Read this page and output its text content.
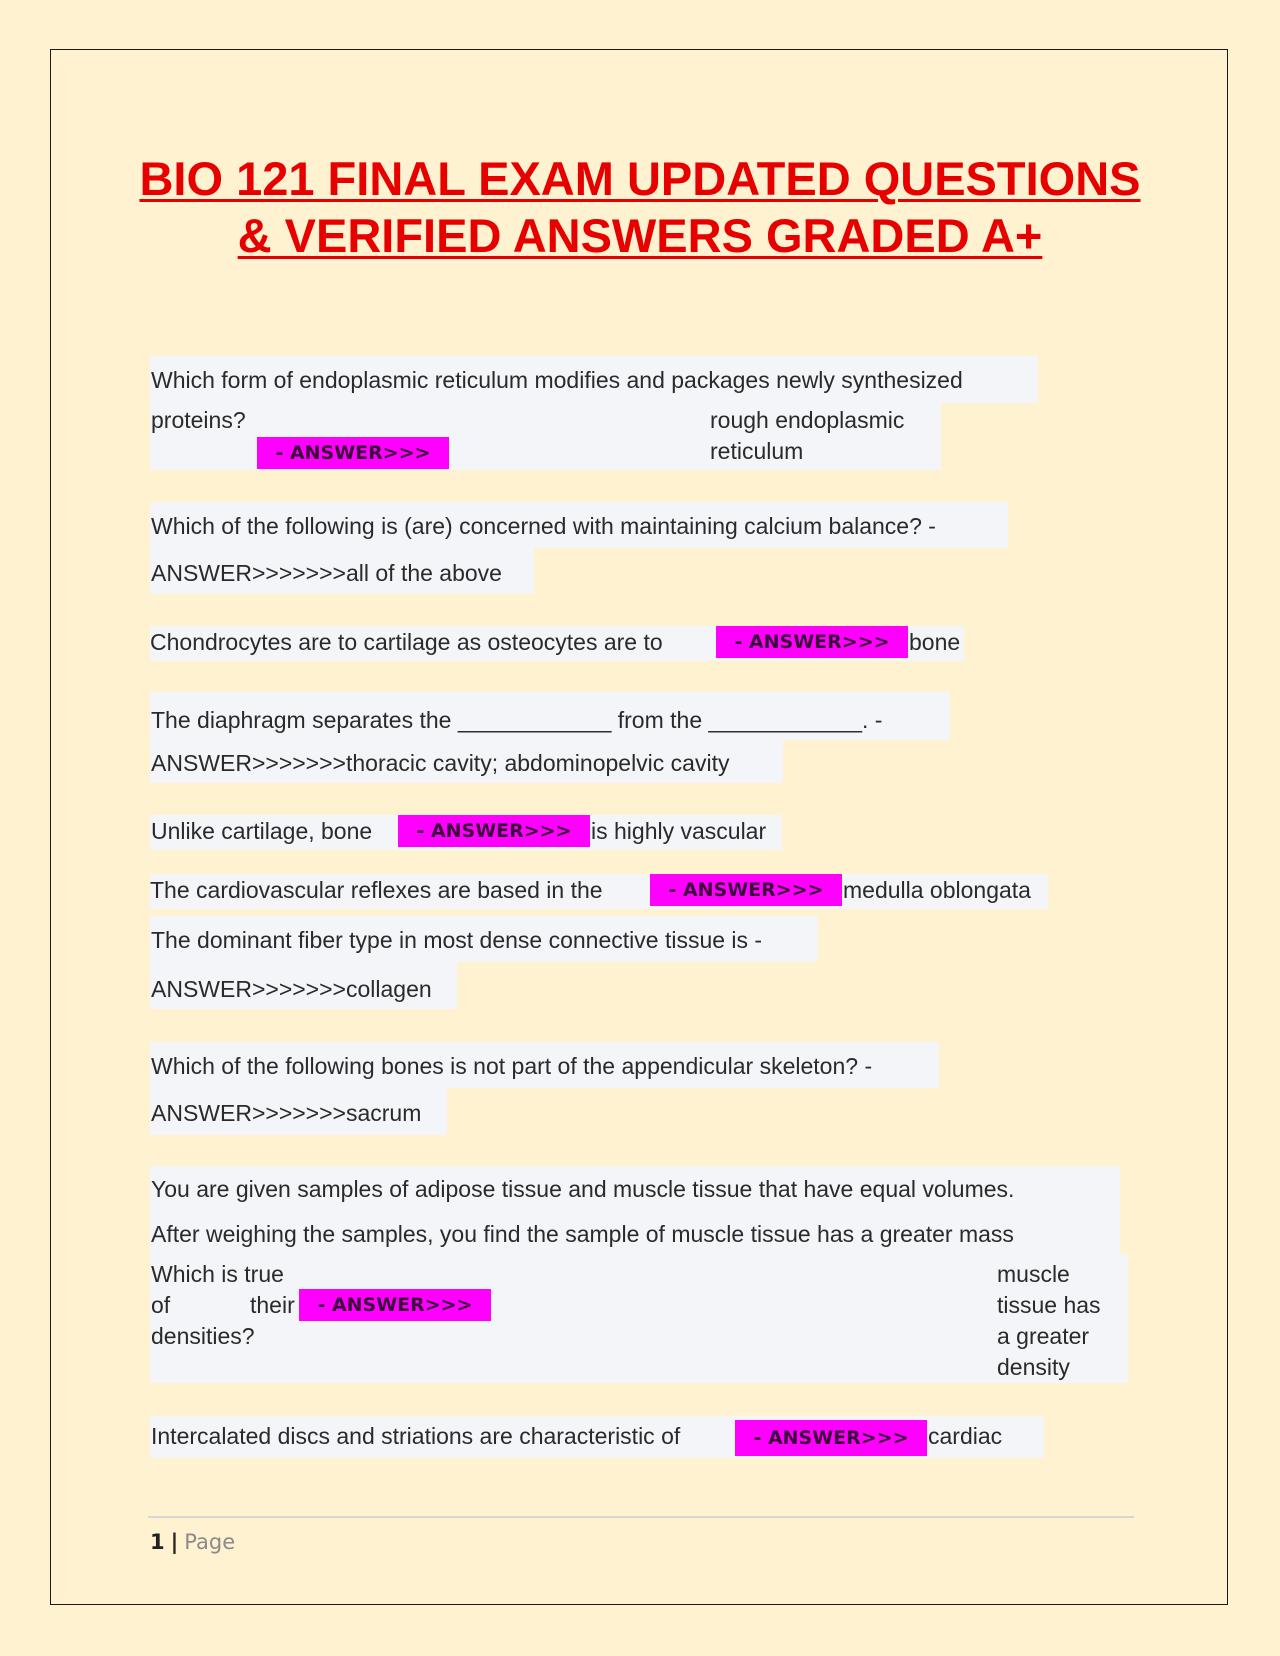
BIO 121 FINAL EXAM UPDATED QUESTIONS
& VERIFIED ANSWERS GRADED A+
Which form of endoplasmic reticulum modifies and packages newly synthesized
proteins?
- ANSWER>>>
rough endoplasmic
reticulum
Which of the following is (are) concerned with maintaining calcium balance? -
ANSWER>>>>>>>all of the above
Chondrocytes are to cartilage as osteocytes are to	- ANSWER>>> bone
The diaphragm separates the ____________ from the ____________. -
ANSWER>>>>>>>thoracic cavity; abdominopelvic cavity
Unlike cartilage, bone	- ANSWER>>> is highly vascular
The cardiovascular reflexes are based in the	- ANSWER>>> medulla oblongata
The dominant fiber type in most dense connective tissue is -
ANSWER>>>>>>>collagen
Which of the following bones is not part of the appendicular skeleton? -
ANSWER>>>>>>>sacrum
You are given samples of adipose tissue and muscle tissue that have equal volumes.
After weighing the samples, you find the sample of muscle tissue has a greater mass
Which is true
of	their	- ANSWER>>>
densities?
muscle
tissue has
a greater
density
Intercalated discs and striations are characteristic of	- ANSWER>>> cardiac
1 | Page
